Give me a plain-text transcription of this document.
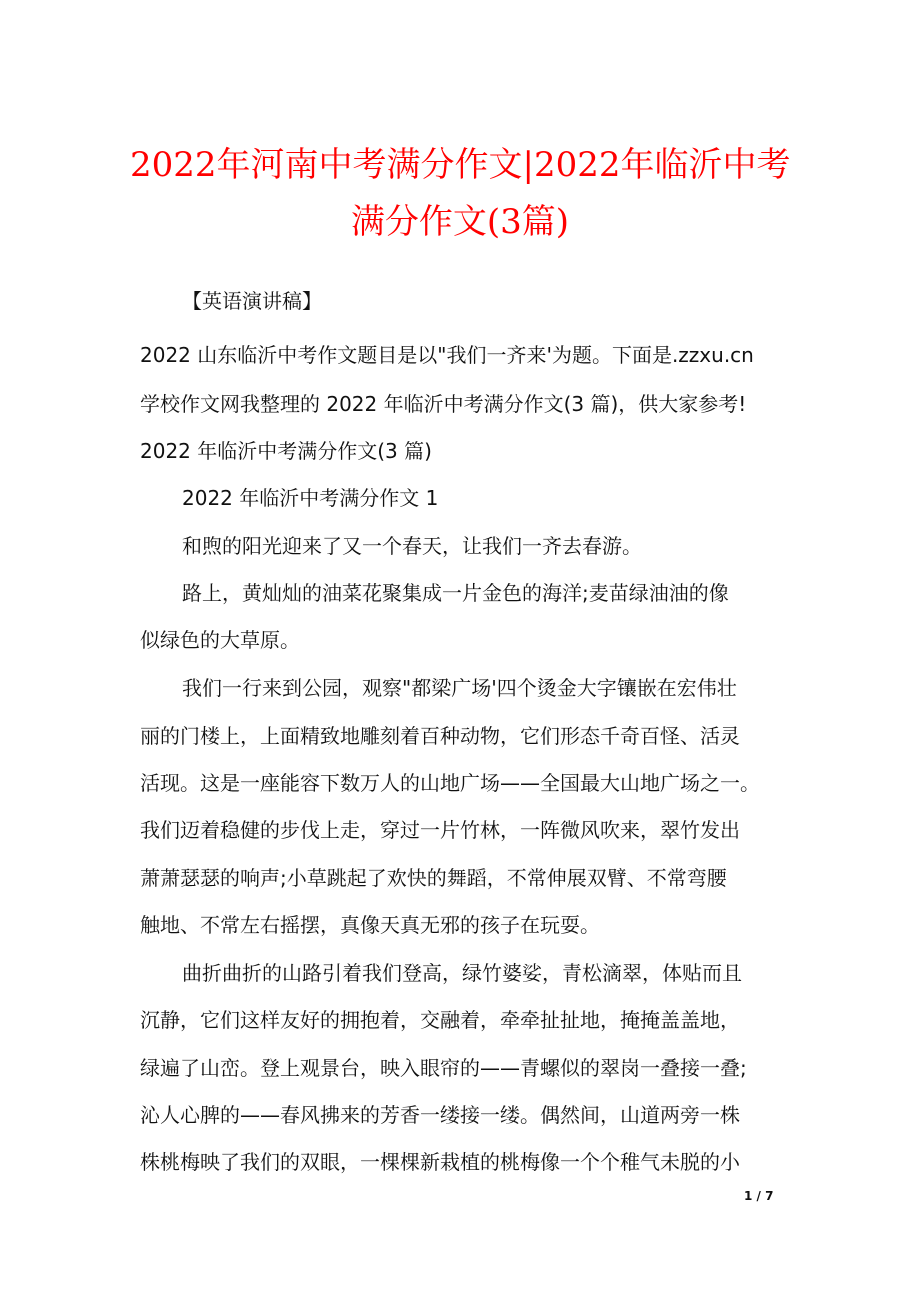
2022年河南中考满分作文|2022年临沂中考
满分作文(3篇)
【英语演讲稿】
2022 山东临沂中考作文题目是以"我们一齐来'为题。下面是.zzxu.cn
学校作文网我整理的 2022 年临沂中考满分作文(3 篇)，供大家参考!
2022 年临沂中考满分作文(3 篇)
2022 年临沂中考满分作文 1
和煦的阳光迎来了又一个春天，让我们一齐去春游。
路上，黄灿灿的油菜花聚集成一片金色的海洋;麦苗绿油油的像
似绿色的大草原。
我们一行来到公园，观察"都梁广场'四个烫金大字镶嵌在宏伟壮
丽的门楼上，上面精致地雕刻着百种动物，它们形态千奇百怪、活灵
活现。这是一座能容下数万人的山地广场——全国最大山地广场之一。
我们迈着稳健的步伐上走，穿过一片竹林，一阵微风吹来，翠竹发出
萧萧瑟瑟的响声;小草跳起了欢快的舞蹈，不常伸展双臂、不常弯腰
触地、不常左右摇摆，真像天真无邪的孩子在玩耍。
曲折曲折的山路引着我们登高，绿竹婆娑，青松滴翠，体贴而且
沉静，它们这样友好的拥抱着，交融着，牵牵扯扯地，掩掩盖盖地，
绿遍了山峦。登上观景台，映入眼帘的——青螺似的翠岗一叠接一叠;
沁人心脾的——春风拂来的芳香一缕接一缕。偶然间，山道两旁一株
株桃梅映了我们的双眼，一棵棵新栽植的桃梅像一个个稚气未脱的小
1 / 7
